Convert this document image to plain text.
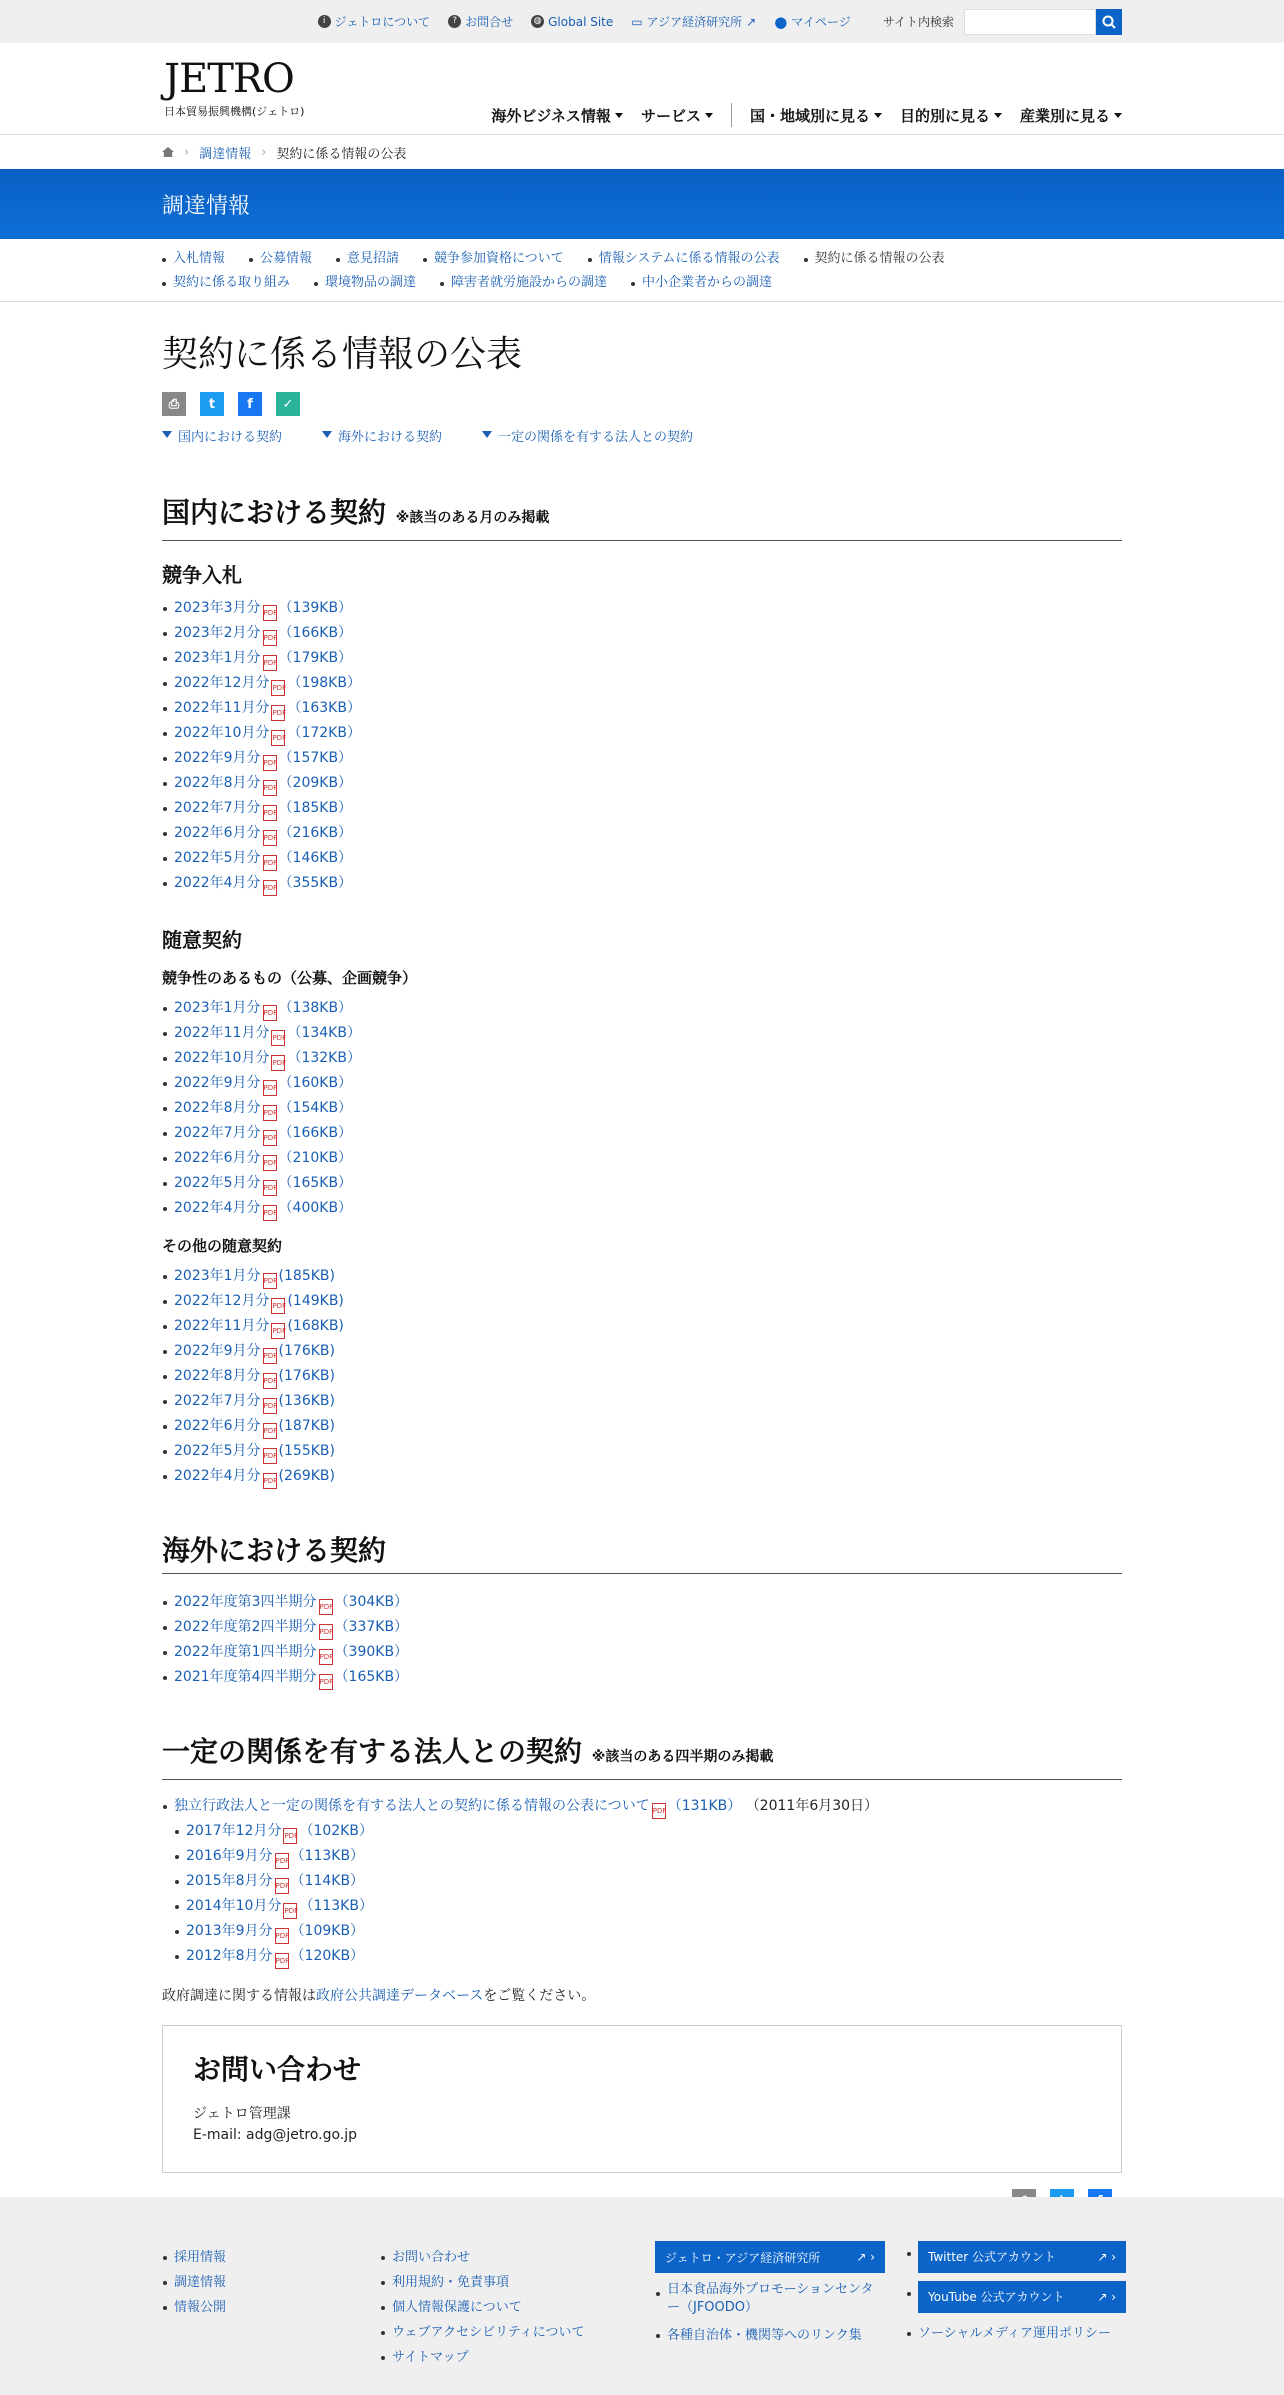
i ジェトロについて	? お問合せ ◍ Global Site ▭ アジア経済研究所 ↗ ● マイページ	サイト内検索
JETRO
日本貿易振興機構(ジェトロ)	海外ビジネス情報	サービス	国・地域別に見る	目的別に見る	産業別に見る
› 調達情報 › 契約に係る情報の公表
調達情報
入札情報	公募情報	意見招請	競争参加資格について	情報システムに係る情報の公表	契約に係る情報の公表
契約に係る取り組み	環境物品の調達	障害者就労施設からの調達	中小企業者からの調達
契約に係る情報の公表
⎙	t	f	✓
国内における契約	海外における契約	一定の関係を有する法人との契約
国内における契約 ※該当のある月のみ掲載
競争入札
2023年3月分 PDF（139KB）
2023年2月分 PDF（166KB）
2023年1月分 PDF（179KB）
2022年12月分 PDF（198KB）
2022年11月分 PDF（163KB）
2022年10月分 PDF（172KB）
2022年9月分 PDF（157KB）
2022年8月分 PDF（209KB）
2022年7月分 PDF（185KB）
2022年6月分 PDF（216KB）
2022年5月分 PDF（146KB）
2022年4月分 PDF（355KB）
随意契約
競争性のあるもの（公募、企画競争）
2023年1月分 PDF（138KB）
2022年11月分 PDF（134KB）
2022年10月分 PDF（132KB）
2022年9月分 PDF（160KB）
2022年8月分 PDF（154KB）
2022年7月分 PDF（166KB）
2022年6月分 PDF（210KB）
2022年5月分 PDF（165KB）
2022年4月分 PDF（400KB）
その他の随意契約
2023年1月分 PDF(185KB)
2022年12月分 PDF(149KB)
2022年11月分 PDF(168KB)
2022年9月分 PDF(176KB)
2022年8月分 PDF(176KB)
2022年7月分 PDF(136KB)
2022年6月分 PDF(187KB)
2022年5月分 PDF(155KB)
2022年4月分 PDF(269KB)
海外における契約
2022年度第3四半期分 PDF（304KB）
2022年度第2四半期分 PDF（337KB）
2022年度第1四半期分 PDF（390KB）
2021年度第4四半期分 PDF（165KB）
一定の関係を有する法人との契約 ※該当のある四半期のみ掲載
独立行政法人と一定の関係を有する法人との契約に係る情報の公表について PDF（131KB） （2011年6月30日）
2017年12月分 PDF（102KB）
2016年9月分 PDF（113KB）
2015年8月分 PDF（114KB）
2014年10月分 PDF（113KB）
2013年9月分 PDF（109KB）
2012年8月分 PDF（120KB）

政府調達に関する情報は政府公共調達データベースをご覧ください。

お問い合わせ

ジェトロ管理課

E-mail: adg@jetro.go.jp

採用情報
調達情報
情報公開
お問い合わせ
利用規約・免責事項
個人情報保護について
ウェブアクセシビリティについて
サイトマップ
ジェトロ・アジア経済研究所	↗ ›
日本食品海外プロモーションセンター（JFOODO）
各種自治体・機関等へのリンク集
Twitter 公式アカウント	↗ ›
YouTube 公式アカウント	↗ ›
ソーシャルメディア運用ポリシー
